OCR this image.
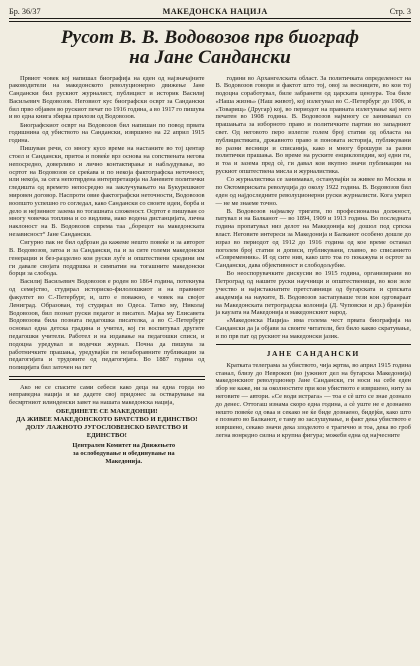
Бр. 36/37	МАКЕДОНСКА НАЦИЈА	Стр. 3
Русот В. В. Водовозов прв биограф
на Јане Сандански

Првиот човек кој напишал биографија на еден од најзначајните раководители на македонското револуционерно движење Јане Сандански бил рускиот журналист, публицист и историк Василиј Васиљевич Водовозов. Неговиот кус биографски осврт за Сандански бил прво објавен во рускиот печат по 1916 година, а во 1917 го пишува и во една книга збирка прилози од Водовозов.

Биографскиот осврт на Водовозов бил напишан по повод првата годишнина од убиството на Сандански, извршено на 22 април 1915 година.

Пишуван речи, со многу кусо време на настаните во тој центар стоел и Сандански, притоа и повеќе врз основа на сопствената негова непосредно, доверливо и лично контактирање и набљудување, во осртот на Водовозов се среќава и по некоја фактографска неточност, или некоја, за сега непотврдена интерпретација на Јаневите политички гледишта од времето непосредно на заклучувањето на Букурешкиот мировен договор. Наспроти овие фактографски неточности, Водовозов воопшто успешно го согледал, како Сандански со своите идеи, борба и дело и нејзиниот зазема во тогашната сложеност. Осртот е пишуван со многу човечка топлина и со видлива, иако водена дистанцијата, лична наклоност на В. Водовозов спрема таа „борецот на македонската независност“ Јане Сандански.

Сигурно пак не бил одбрзан да кажеме нешто повеќе и за авторот В. Водовозов, затоа и за Сандански, па и за сите големи македонски генерации и без-разделно кои руски луѓе и општествени средини им ги давале својата поддршка и симпатии на тогашните македонски борци за слобода.

Василиј Васиљевич Водовозов е роден во 1864 година, потекнува од семејство, студирал историско-филолошкиот и на правниот факултет во С.-Петербург, и, што е поважно, е човек на својот Лениград. Образован, тој студирал во Одеса. Татко му, Николај Водовозов, бил познат руски педагог и писател. Мајка му Елисавета Водовозова била позната педагошка писателка, а во С.-Петербург основал една детска градина и учител, кој ги воспитувал другите педагошки учители. Работел и на издавање на педагошки списи, и подоцна уредувал и водечки журнал. Почна да пишува за работничките прашања, уредувајќи ги незаборавните публикации за педагогијата и трудовите од педагогијата. Во 1887 година од полицијата бил заточен на пет

Ако не се спасите сами себеси како деца на една горда но неправедна нација и ке дадете свој придонес за остварување на бесмртниот илинденски завет на нашата македонска нација,

ОБЕДИНЕТЕ СЕ МАКЕДОНЦИ!
ДА ЖИВЕЕ МАКЕДОНСКОТО БРАТСТВО И ЕДИНСТВО!
ДОЛУ ЛАЖНОТО ЈУГОСЛОВЕНСКО БРАТСТВО И ЕДИНСТВО!
Централен Комитет на Движењето
за ослободување и обединување на
Македонија.

години во Архангелската област. За политичката определеност на В. Водовозов говори и фактот што тој, овој за весниците, во кои тој подоцна соработувал, биле забранети од царската цензура. Тоа биле «Наша жизнь» (Наш живот), кој излегувал во С.-Петербург до 1906, и «Товарищ» (Другар) кој, во периодот на правната излегување кај него печатен во 1908 година. В. Водовозов најмногу се занимавал со прашањата за изборното право и политичките партии во западниот свет. Од неговото перо излегле голем број статии од областа на публицистиката, државното право и поновата историја, публикувани во разни весници и списанија, како и многу брошури за разни политички прашања. Во време на руските енциклопедии, кој едни ги, и тоа и зазема пред сѐ, ги давал кои вкупно значи публикации на рускиот општествена мисла и журналистика.

Со журналистика се занимавал, останувајќи за живее во Москва и по Октомвриската револуција до околу 1922 година. В. Водовозов бил еден од најдоследните револуционерни руски журналисти. Кога умрел — не ме знаеме точно.

В. Водовозов најмалку тригати, по професионална должност, патувал и на Балканот — во 1894, 1909 и 1913 година. Во последната година пропатувал низ делот на Македонија кој дошол под српска власт. Неговите интереси за Македонија и Балканот особено дошле до израз во периодот од 1912 до 1916 година од кое време останал поголем број статии и дописи, публикувани, главно, во списанието «Современник». И од сите нив, како што тоа го покажува и осртот за Сандански, дава објективност и слободољубие.

Во неоспорувачките дискусии во 1915 година, организирани во Петроград од нашите руски научници и општественици, во кои зеле учество и најистакнатите претставници од бугарската и српската академија на науките, В. Водовозов застапуваше тези кои одговараат на Македонската петроградска колонија (Д. Чуповски и др.) бранејќи ја каузата на Македонија и македонскиот народ.

«Македонска Нација» има голема чест првата биографија на Сандански да ја објави за своите читатели, без било какво скратување, и по прв пат од рускиот на македонски јазик.

ЈАНЕ САНДАНСКИ

Кратката телеграма за убиството, чија жртва, во април 1915 година станал, близу до Неврокоп (во јужниот дел на бугарска Македонија) македонскиот револуционер Јане Сандански, ги носи на себе еден збор не каже, ни за околностите при кои убиството е извршено, ниту за неговите — автори. «Се води истрага» — тоа е сѐ што се знае дознало до денес. Оттогаш изнама скоро една година, а сѐ уште не е дознаено нешто повеќе од оваа и секако не ќе биде дознаено, бидејќи, како што е познато во Балканот, е таму во заслушување, и факт дека убиството е извршено, секако значи дека злоделото е трагично и тоа, дека во гроб легна вонредно силна и крупна фигура; можеби една од најчесните
